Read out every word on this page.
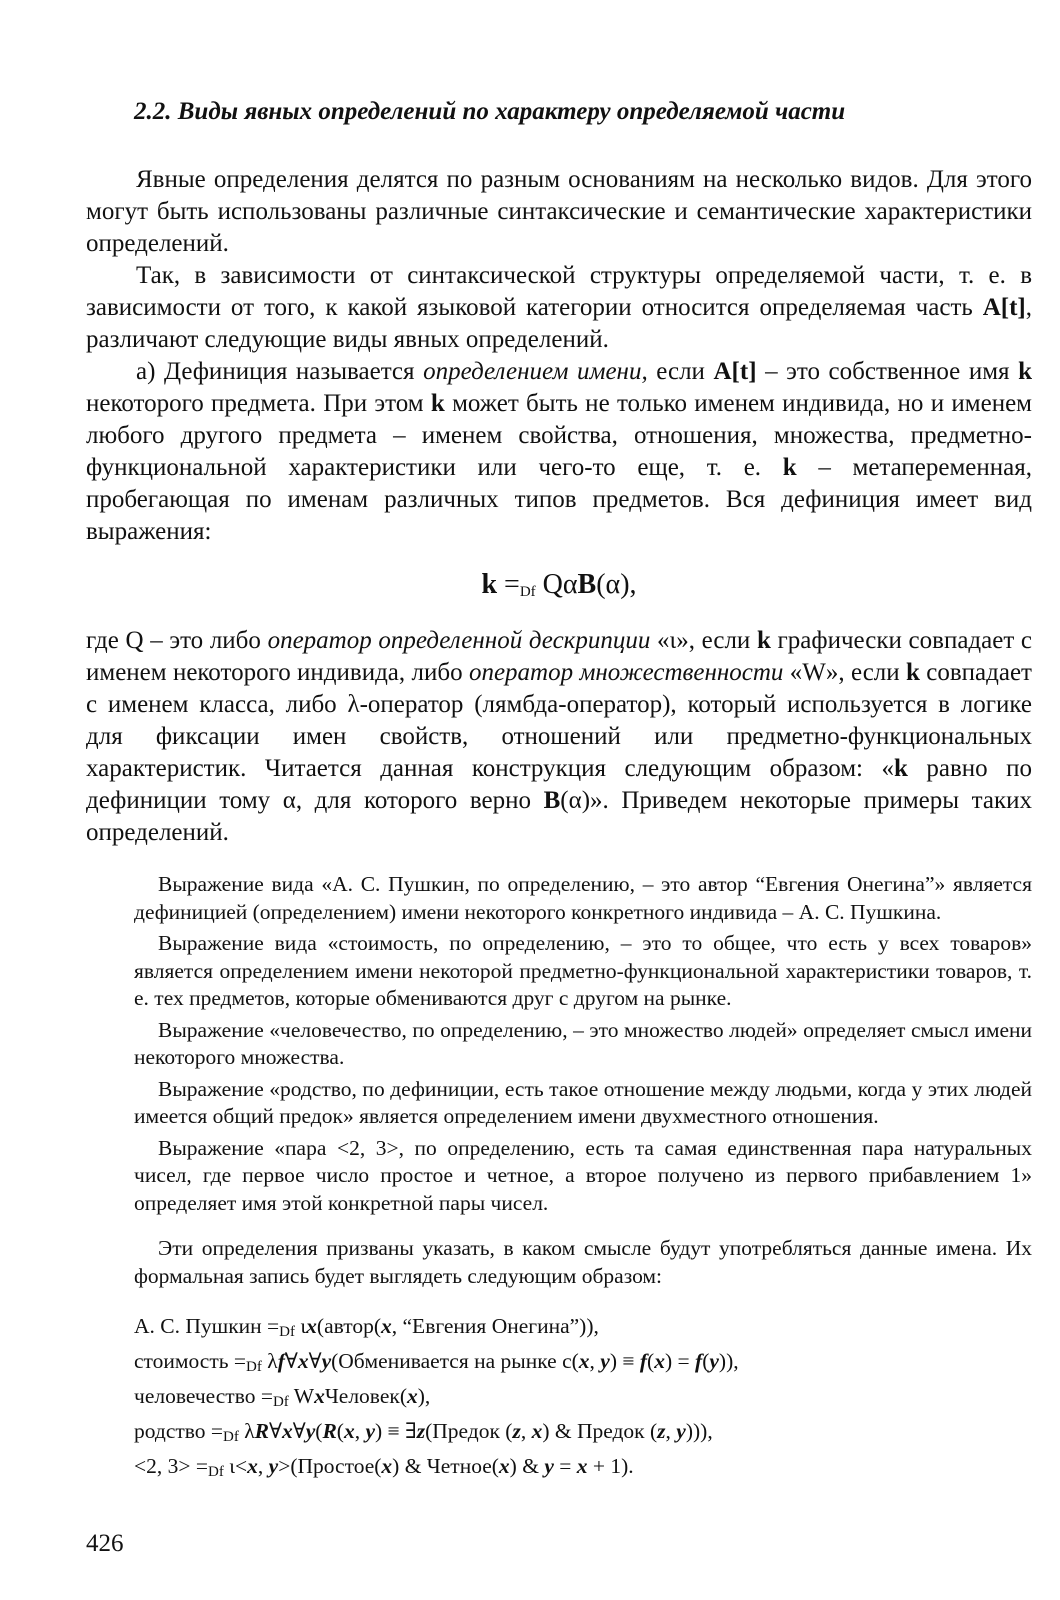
2.2. Виды явных определений по характеру определяемой части

Явные определения делятся по разным основаниям на несколько видов. Для этого могут быть использованы различные синтаксические и семантические характеристики определений.

Так, в зависимости от синтаксической структуры определяемой части, т. е. в зависимости от того, к какой языковой категории относится определяемая часть A[t], различают следующие виды явных определений.

а) Дефиниция называется определением имени, если A[t] – это собственное имя k некоторого предмета. При этом k может быть не только именем индивида, но и именем любого другого предмета – именем свойства, отношения, множества, предметно-функциональной характеристики или чего-то еще, т. е. k – метапеременная, пробегающая по именам различных типов предметов. Вся дефиниция имеет вид выражения:

$k =_{Df}$ QαB(α),

где Q – это либо оператор определенной дескрипции «ι», если k графически совпадает с именем некоторого индивида, либо оператор множественности «W», если k совпадает с именем класса, либо λ-оператор (лямбда-оператор), который используется в логике для фиксации имен свойств, отношений или предметно-функциональных характеристик. Читается данная конструкция следующим образом: «k равно по дефиниции тому α, для которого верно B(α)». Приведем некоторые примеры таких определений.

Выражение вида «А. С. Пушкин, по определению, – это автор “Евгения Онегина”» является дефиницией (определением) имени некоторого конкретного индивида – А. С. Пушкина.

Выражение вида «стоимость, по определению, – это то общее, что есть у всех товаров» является определением имени некоторой предметно-функциональной характеристики товаров, т. е. тех предметов, которые обмениваются друг с другом на рынке.

Выражение «человечество, по определению, – это множество людей» определяет смысл имени некоторого множества.

Выражение «родство, по дефиниции, есть такое отношение между людьми, когда у этих людей имеется общий предок» является определением имени двухместного отношения.

Выражение «пара <2, 3>, по определению, есть та самая единственная пара натуральных чисел, где первое число простое и четное, а второе получено из первого прибавлением 1» определяет имя этой конкретной пары чисел.

Эти определения призваны указать, в каком смысле будут употребляться данные имена. Их формальная запись будет выглядеть следующим образом:

А. С. Пушкин $=_{Df}$ ιx(автор(x, “Евгения Онегина”)),
стоимость $=_{Df}$ λf∀x∀y(Обменивается на рынке с(x, y) ≡ f(x) = f(y)),
человечество $=_{Df}$ WxЧеловек(x),
родство $=_{Df}$ λR∀x∀y(R(x, y) ≡ ∃z(Предок (z, x) & Предок (z, y))),
<2, $3> =_{Df}$ ι<x, y>(Простое(x) & Четное(x) & y = x + 1).
426
